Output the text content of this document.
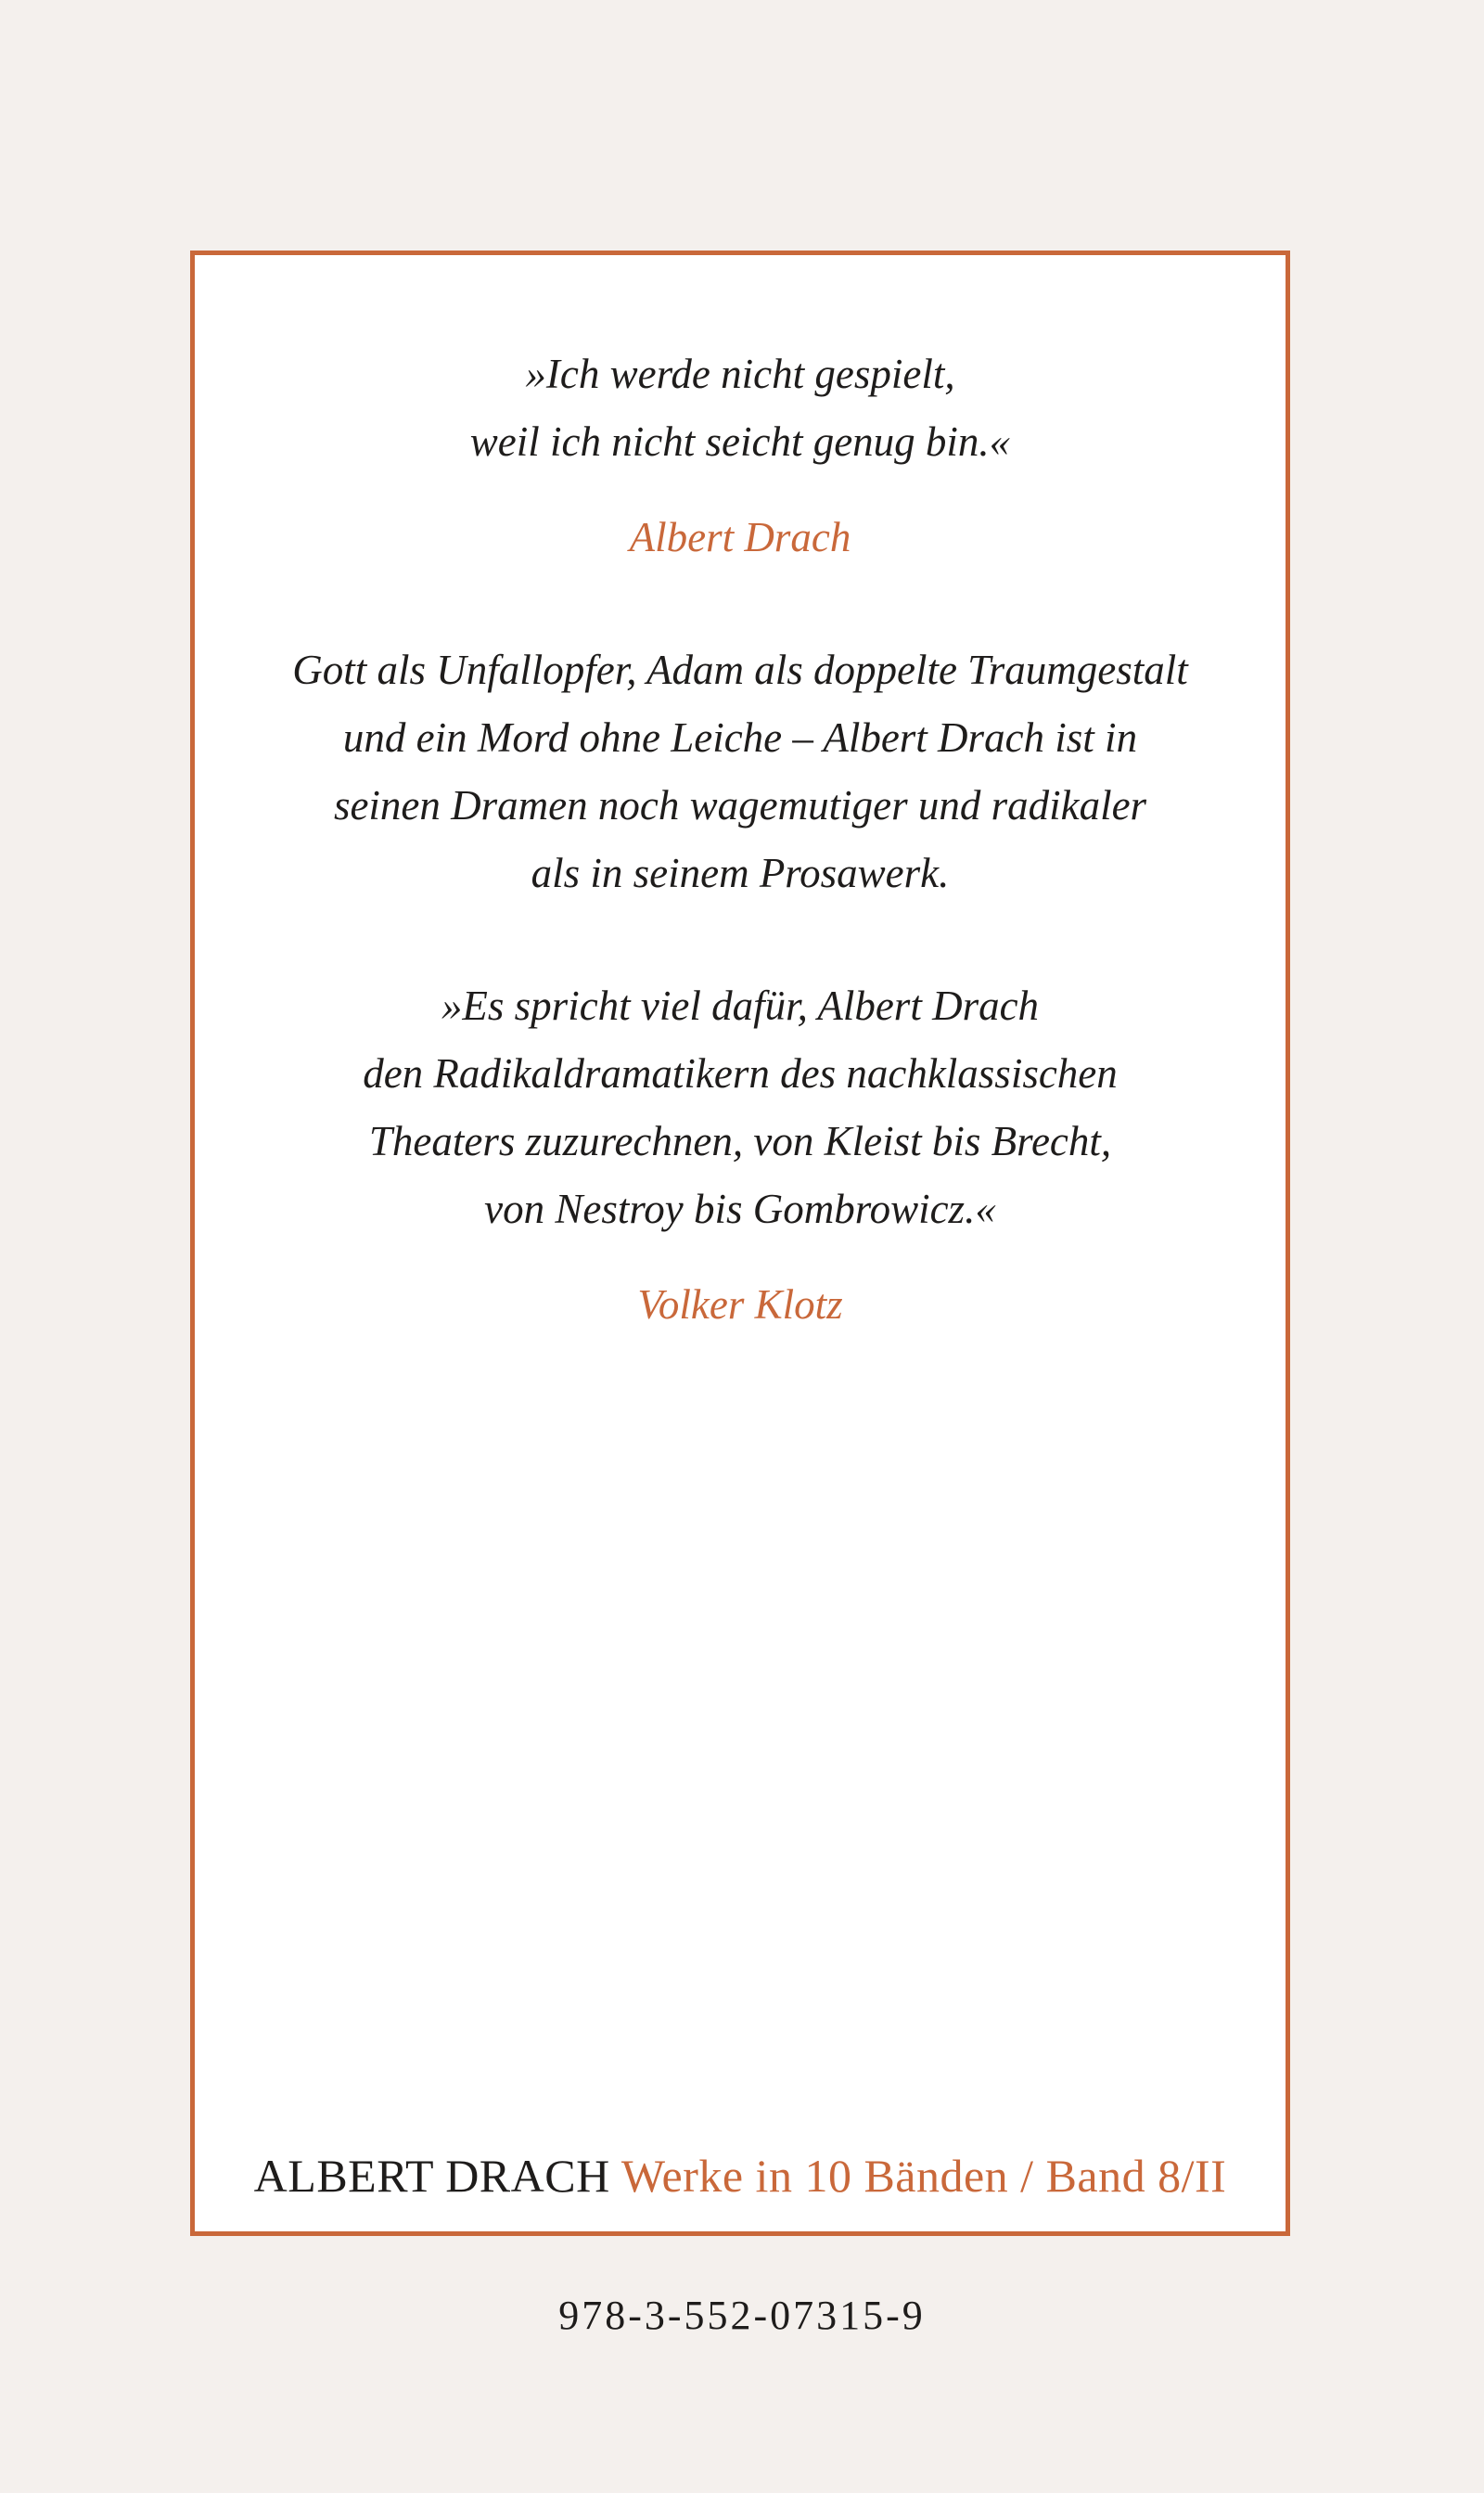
»Ich werde nicht gespielt,
weil ich nicht seicht genug bin.«
Albert Drach
Gott als Unfallopfer, Adam als doppelte Traumgestalt
und ein Mord ohne Leiche – Albert Drach ist in
seinen Dramen noch wagemutiger und radikaler
als in seinem Prosawerk.
»Es spricht viel dafür, Albert Drach
den Radikaldramatikern des nachklassischen
Theaters zuzurechnen, von Kleist bis Brecht,
von Nestroy bis Gombrowicz.«
Volker Klotz
ALBERT DRACH Werke in 10 Bänden / Band 8/II
978-3-552-07315-9
